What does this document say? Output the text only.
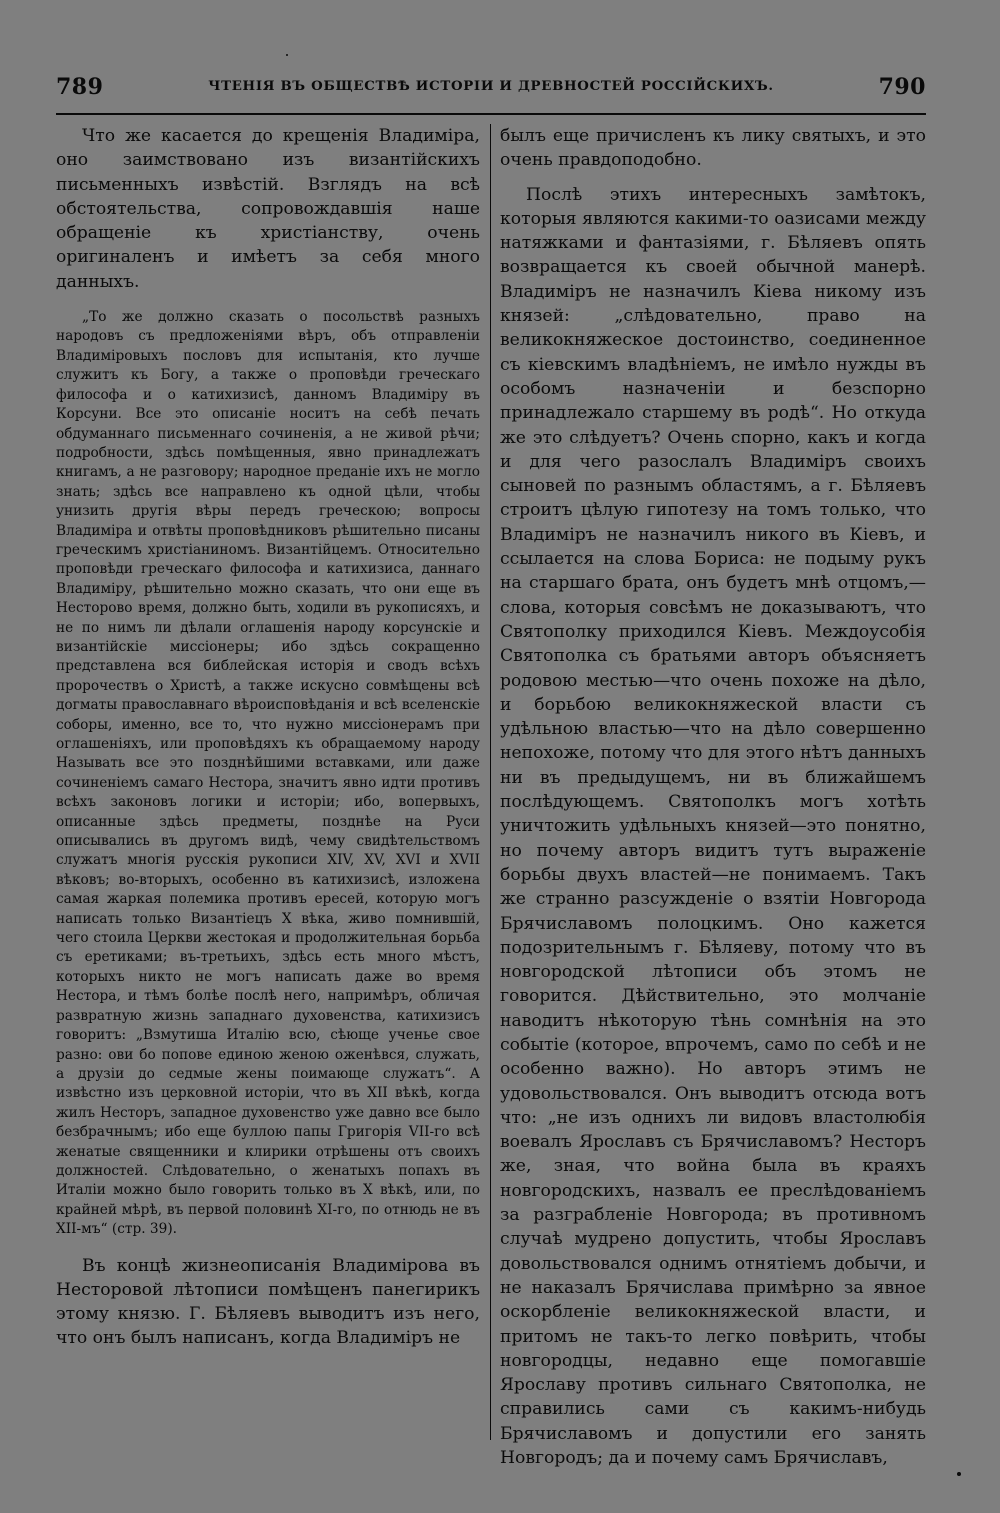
789	ЧТЕНІЯ ВЪ ОБЩЕСТВѢ ИСТОРІИ И ДРЕВНОСТЕЙ РОССІЙСКИХЪ.	790

Что же касается до крещенія Владиміра, оно заимствовано изъ византійскихъ письменныхъ извѣстій. Взглядъ на всѣ обстоятельства, сопровождавшія наше обращеніе къ христіанству, очень оригиналенъ и имѣетъ за себя много данныхъ.

„То же должно сказать о посольствѣ разныхъ народовъ съ предложеніями вѣръ, объ отправленіи Владиміровыхъ пословъ для испытанія, кто лучше служитъ къ Богу, а также о проповѣди греческаго философа и о катихизисѣ, данномъ Владиміру въ Корсуни. Все это описаніе носитъ на себѣ печать обдуманнаго письменнаго сочиненія, а не живой рѣчи; подробности, здѣсь помѣщенныя, явно принадлежатъ книгамъ, а не разговору; народное преданіе ихъ не могло знать; здѣсь все направлено къ одной цѣли, чтобы унизить другія вѣры передъ греческою; вопросы Владиміра и отвѣты проповѣдниковъ рѣшительно писаны греческимъ христіаниномъ. Византійцемъ. Относительно проповѣди греческаго философа и катихизиса, даннаго Владиміру, рѣшительно можно сказать, что они еще въ Несторово время, должно быть, ходили въ рукописяхъ, и не по нимъ ли дѣлали оглашенія народу корсунскіе и византійскіе миссіонеры; ибо здѣсь сокращенно представлена вся библейская исторія и сводъ всѣхъ пророчествъ о Христѣ, а также искусно совмѣщены всѣ догматы православнаго вѣроисповѣданія и всѣ вселенскіе соборы, именно, все то, что нужно миссіонерамъ при оглашеніяхъ, или проповѣдяхъ къ обращаемому народу Называть все это позднѣйшими вставками, или даже сочиненіемъ самаго Нестора, значитъ явно идти противъ всѣхъ законовъ логики и исторіи; ибо, вопервыхъ, описанные здѣсь предметы, позднѣе на Руси описывались въ другомъ видѣ, чему свидѣтельствомъ служатъ многія русскія рукописи XIV, XV, XVI и XVII вѣковъ; во-вторыхъ, особенно въ катихизисѣ, изложена самая жаркая полемика противъ ересей, которую могъ написать только Византіецъ X вѣка, живо помнившій, чего стоила Церкви жестокая и продолжительная борьба съ еретиками; въ-третьихъ, здѣсь есть много мѣстъ, которыхъ никто не могъ написать даже во время Нестора, и тѣмъ болѣе послѣ него, напримѣръ, обличая развратную жизнь западнаго духовенства, катихизисъ говоритъ: „Взмутиша Италію всю, сѣюще ученье свое разно: ови бо попове единою женою оженѣвся, служать, а друзіи до седмые жены поимающе служатъ“. А извѣстно изъ церковной исторіи, что въ XII вѣкѣ, когда жилъ Несторъ, западное духовенство уже давно все было безбрачнымъ; ибо еще буллою папы Григорія VII-го всѣ женатые священники и клирики отрѣшены отъ своихъ должностей. Слѣдовательно, о женатыхъ попахъ въ Италіи можно было говорить только въ X вѣкѣ, или, по крайней мѣрѣ, въ первой половинѣ XI-го, по отнюдь не въ XII-мъ“ (стр. 39).

Въ концѣ жизнеописанія Владимірова въ Несторовой лѣтописи помѣщенъ панегирикъ этому князю. Г. Бѣляевъ выводитъ изъ него, что онъ былъ написанъ, когда Владиміръ не

былъ еще причисленъ къ лику святыхъ, и это очень правдоподобно.

Послѣ этихъ интересныхъ замѣтокъ, которыя являются какими-то оазисами между натяжками и фантазіями, г. Бѣляевъ опять возвращается къ своей обычной манерѣ. Владиміръ не назначилъ Кіева никому изъ князей: „слѣдовательно, право на великокняжеское достоинство, соединенное съ кіевскимъ владѣніемъ, не имѣло нужды въ особомъ назначеніи и безспорно принадлежало старшему въ родѣ“. Но откуда же это слѣдуетъ? Очень спорно, какъ и когда и для чего разослалъ Владиміръ своихъ сыновей по разнымъ областямъ, а г. Бѣляевъ строитъ цѣлую гипотезу на томъ только, что Владиміръ не назначилъ никого въ Кіевъ, и ссылается на слова Бориса: не подыму рукъ на старшаго брата, онъ будетъ мнѣ отцомъ,—слова, которыя совсѣмъ не доказываютъ, что Святополку приходился Кіевъ. Междоусобія Святополка съ братьями авторъ объясняетъ родовою местью—что очень похоже на дѣло, и борьбою великокняжеской власти съ удѣльною властью—что на дѣло совершенно непохоже, потому что для этого нѣтъ данныхъ ни въ предыдущемъ, ни въ ближайшемъ послѣдующемъ. Святополкъ могъ хотѣть уничтожить удѣльныхъ князей—это понятно, но почему авторъ видитъ тутъ выраженіе борьбы двухъ властей—не понимаемъ. Такъ же странно разсужденіе о взятіи Новгорода Брячиславомъ полоцкимъ. Оно кажется подозрительнымъ г. Бѣляеву, потому что въ новгородской лѣтописи объ этомъ не говорится. Дѣйствительно, это молчаніе наводитъ нѣкоторую тѣнь сомнѣнія на это событіе (которое, впрочемъ, само по себѣ и не особенно важно). Но авторъ этимъ не удовольствовался. Онъ выводитъ отсюда вотъ что: „не изъ однихъ ли видовъ властолюбія воевалъ Ярославъ съ Брячиславомъ? Несторъ же, зная, что война была въ краяхъ новгородскихъ, назвалъ ее преслѣдованіемъ за разграбленіе Новгорода; въ противномъ случаѣ мудрено допустить, чтобы Ярославъ довольствовался однимъ отнятіемъ добычи, и не наказалъ Брячислава примѣрно за явное оскорбленіе великокняжеской власти, и притомъ не такъ-то легко повѣрить, чтобы новгородцы, недавно еще помогавшіе Ярославу противъ сильнаго Святополка, не справились сами съ какимъ-нибудь Брячиславомъ и допустили его занять Новгородъ; да и почему самъ Брячиславъ,
